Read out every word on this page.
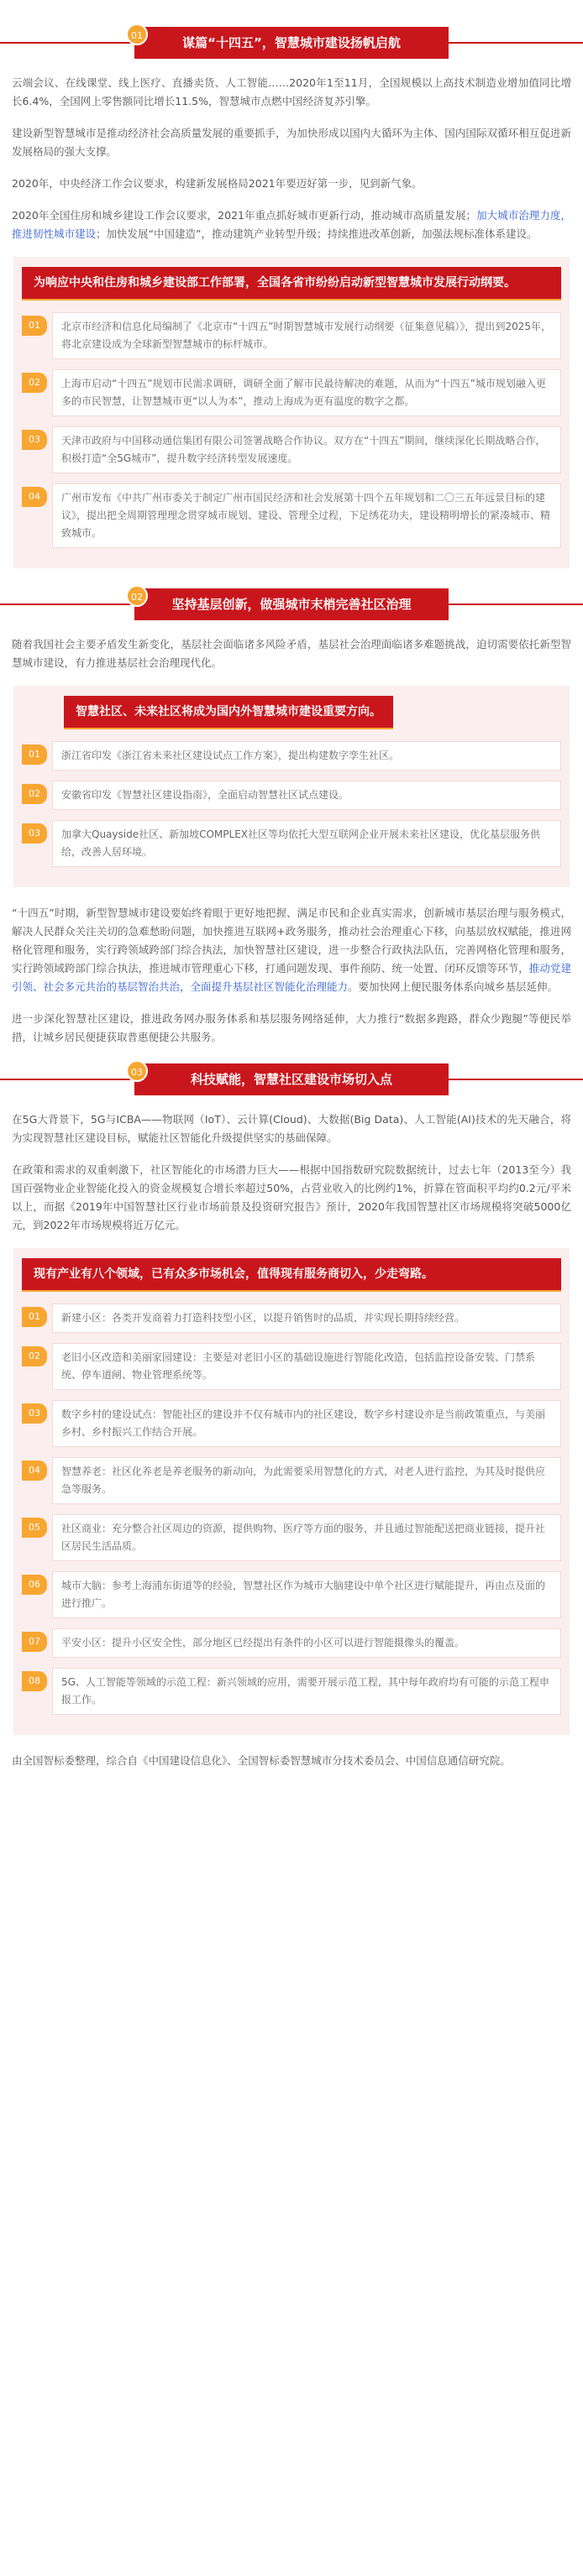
谋篇“十四五”，智慧城市建设扬帆启航
01

云端会议、在线课堂、线上医疗、直播卖货、人工智能……2020年1至11月，全国规模以上高技术制造业增加值同比增长6.4%，全国网上零售额同比增长11.5%，智慧城市点燃中国经济复苏引擎。

建设新型智慧城市是推动经济社会高质量发展的重要抓手，为加快形成以国内大循环为主体、国内国际双循环相互促进新发展格局的强大支撑。

2020年，中央经济工作会议要求，构建新发展格局2021年要迈好第一步，见到新气象。

2020年全国住房和城乡建设工作会议要求，2021年重点抓好城市更新行动，推动城市高质量发展；加大城市治理力度，推进韧性城市建设；加快发展“中国建造”，推动建筑产业转型升级；持续推进改革创新，加强法规标准体系建设。

为响应中央和住房和城乡建设部工作部署，全国各省市纷纷启动新型智慧城市发展行动纲要。
01	北京市经济和信息化局编制了《北京市“十四五”时期智慧城市发展行动纲要（征集意见稿）》，提出到2025年，将北京建设成为全球新型智慧城市的标杆城市。
02	上海市启动“十四五”规划市民需求调研，调研全面了解市民最待解决的难题，从而为“十四五”城市规划融入更多的市民智慧，让智慧城市更“以人为本”，推动上海成为更有温度的数字之都。
03	天津市政府与中国移动通信集团有限公司签署战略合作协议。双方在“十四五”期间，继续深化长期战略合作，积极打造“全5G城市”，提升数字经济转型发展速度。
04	广州市发布《中共广州市委关于制定广州市国民经济和社会发展第十四个五年规划和二〇三五年远景目标的建议》，提出把全周期管理理念贯穿城市规划、建设、管理全过程，下足绣花功夫，建设精明增长的紧凑城市、精致城市。
坚持基层创新，做强城市末梢完善社区治理
02

随着我国社会主要矛盾发生新变化，基层社会面临诸多风险矛盾，基层社会治理面临诸多难题挑战，迫切需要依托新型智慧城市建设，有力推进基层社会治理现代化。

智慧社区、未来社区将成为国内外智慧城市建设重要方向。
01	浙江省印发《浙江省未来社区建设试点工作方案》，提出构建数字孪生社区。
02	安徽省印发《智慧社区建设指南》，全面启动智慧社区试点建设。
03	加拿大Quayside社区、新加坡COMPLEX社区等均依托大型互联网企业开展未来社区建设，优化基层服务供给，改善人居环境。

“十四五”时期，新型智慧城市建设要始终着眼于更好地把握、满足市民和企业真实需求，创新城市基层治理与服务模式，解决人民群众关注关切的急难愁盼问题，加快推进互联网+政务服务，推动社会治理重心下移，向基层放权赋能，推进网格化管理和服务，实行跨领域跨部门综合执法，加快智慧社区建设，进一步整合行政执法队伍，完善网格化管理和服务，实行跨领域跨部门综合执法，推进城市管理重心下移，打通问题发现、事件预防、统一处置、闭环反馈等环节，推动党建引领、社会多元共治的基层智治共治，全面提升基层社区智能化治理能力。要加快网上便民服务体系向城乡基层延伸。

进一步深化智慧社区建设，推进政务网办服务体系和基层服务网络延伸，大力推行“数据多跑路，群众少跑腿”等便民举措，让城乡居民便捷获取普惠便捷公共服务。

科技赋能，智慧社区建设市场切入点
03

在5G大背景下，5G与ICBA——物联网（IoT）、云计算(Cloud)、大数据(Big Data)、人工智能(AI)技术的先天融合，将为实现智慧社区建设目标，赋能社区智能化升级提供坚实的基础保障。

在政策和需求的双重刺激下，社区智能化的市场潜力巨大——根据中国指数研究院数据统计，过去七年（2013至今）我国百强物业企业智能化投入的资金规模复合增长率超过50%，占营业收入的比例约1%，折算在管面积平均约0.2元/平米以上，而据《2019年中国智慧社区行业市场前景及投资研究报告》预计，2020年我国智慧社区市场规模将突破5000亿元，到2022年市场规模将近万亿元。

现有产业有八个领域，已有众多市场机会，值得现有服务商切入，少走弯路。
01	新建小区：各类开发商着力打造科技型小区，以提升销售时的品质，并实现长期持续经营。
02	老旧小区改造和美丽家园建设：主要是对老旧小区的基础设施进行智能化改造，包括监控设备安装、门禁系统、停车道闸、物业管理系统等。
03	数字乡村的建设试点：智能社区的建设并不仅有城市内的社区建设，数字乡村建设亦是当前政策重点，与美丽乡村、乡村振兴工作结合开展。
04	智慧养老：社区化养老是养老服务的新动向，为此需要采用智慧化的方式，对老人进行监控，为其及时提供应急等服务。
05	社区商业：充分整合社区周边的资源，提供购物、医疗等方面的服务，并且通过智能配送把商业链接，提升社区居民生活品质。
06	城市大脑：参考上海浦东街道等的经验，智慧社区作为城市大脑建设中单个社区进行赋能提升，再由点及面的进行推广。
07	平安小区：提升小区安全性，部分地区已经提出有条件的小区可以进行智能摄像头的覆盖。
08	5G、人工智能等领域的示范工程：新兴领域的应用，需要开展示范工程，其中每年政府均有可能的示范工程申报工作。

由全国智标委整理，综合自《中国建设信息化》、全国智标委智慧城市分技术委员会、中国信息通信研究院。
